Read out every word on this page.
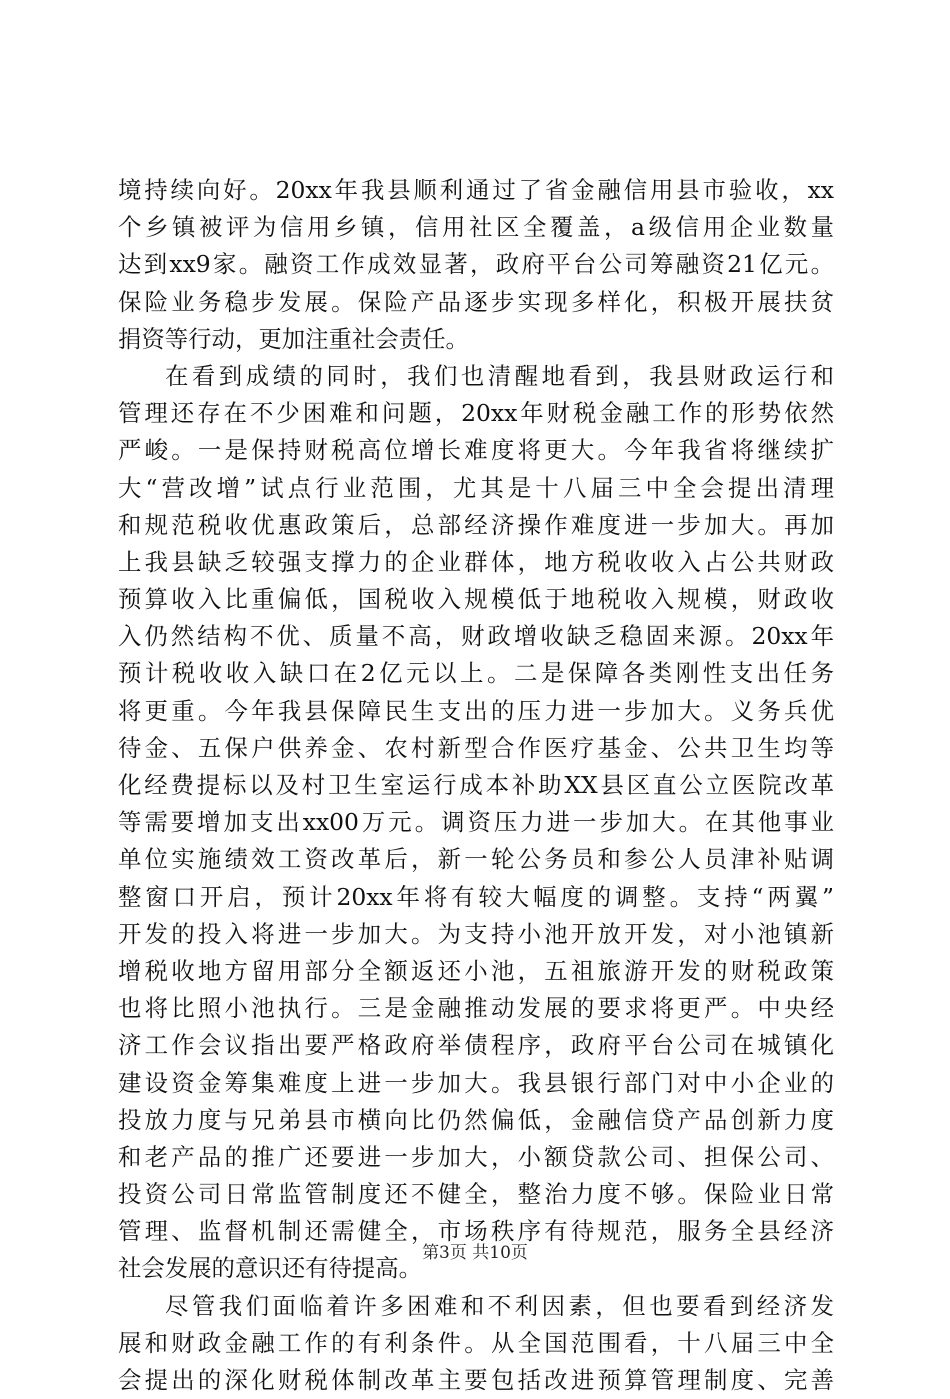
境持续向好。20xx年我县顺利通过了省金融信用县市验收，xx
个乡镇被评为信用乡镇，信用社区全覆盖，a级信用企业数量
达到xx9家。融资工作成效显著，政府平台公司筹融资21亿元。
保险业务稳步发展。保险产品逐步实现多样化，积极开展扶贫
捐资等行动，更加注重社会责任。
在看到成绩的同时，我们也清醒地看到，我县财政运行和
管理还存在不少困难和问题，20xx年财税金融工作的形势依然
严峻。一是保持财税高位增长难度将更大。今年我省将继续扩
大“营改增”试点行业范围，尤其是十八届三中全会提出清理
和规范税收优惠政策后，总部经济操作难度进一步加大。再加
上我县缺乏较强支撑力的企业群体，地方税收收入占公共财政
预算收入比重偏低，国税收入规模低于地税收入规模，财政收
入仍然结构不优、质量不高，财政增收缺乏稳固来源。20xx年
预计税收收入缺口在2亿元以上。二是保障各类刚性支出任务
将更重。今年我县保障民生支出的压力进一步加大。义务兵优
待金、五保户供养金、农村新型合作医疗基金、公共卫生均等
化经费提标以及村卫生室运行成本补助XX县区直公立医院改革
等需要增加支出xx00万元。调资压力进一步加大。在其他事业
单位实施绩效工资改革后，新一轮公务员和参公人员津补贴调
整窗口开启，预计20xx年将有较大幅度的调整。支持“两翼”
开发的投入将进一步加大。为支持小池开放开发，对小池镇新
增税收地方留用部分全额返还小池，五祖旅游开发的财税政策
也将比照小池执行。三是金融推动发展的要求将更严。中央经
济工作会议指出要严格政府举债程序，政府平台公司在城镇化
建设资金筹集难度上进一步加大。我县银行部门对中小企业的
投放力度与兄弟县市横向比仍然偏低，金融信贷产品创新力度
和老产品的推广还要进一步加大，小额贷款公司、担保公司、
投资公司日常监管制度还不健全，整治力度不够。保险业日常
管理、监督机制还需健全，市场秩序有待规范，服务全县经济
社会发展的意识还有待提高。
尽管我们面临着许多困难和不利因素，但也要看到经济发
展和财政金融工作的有利条件。从全国范围看，十八届三中全
会提出的深化财税体制改革主要包括改进预算管理制度、完善
第3页 共10页
